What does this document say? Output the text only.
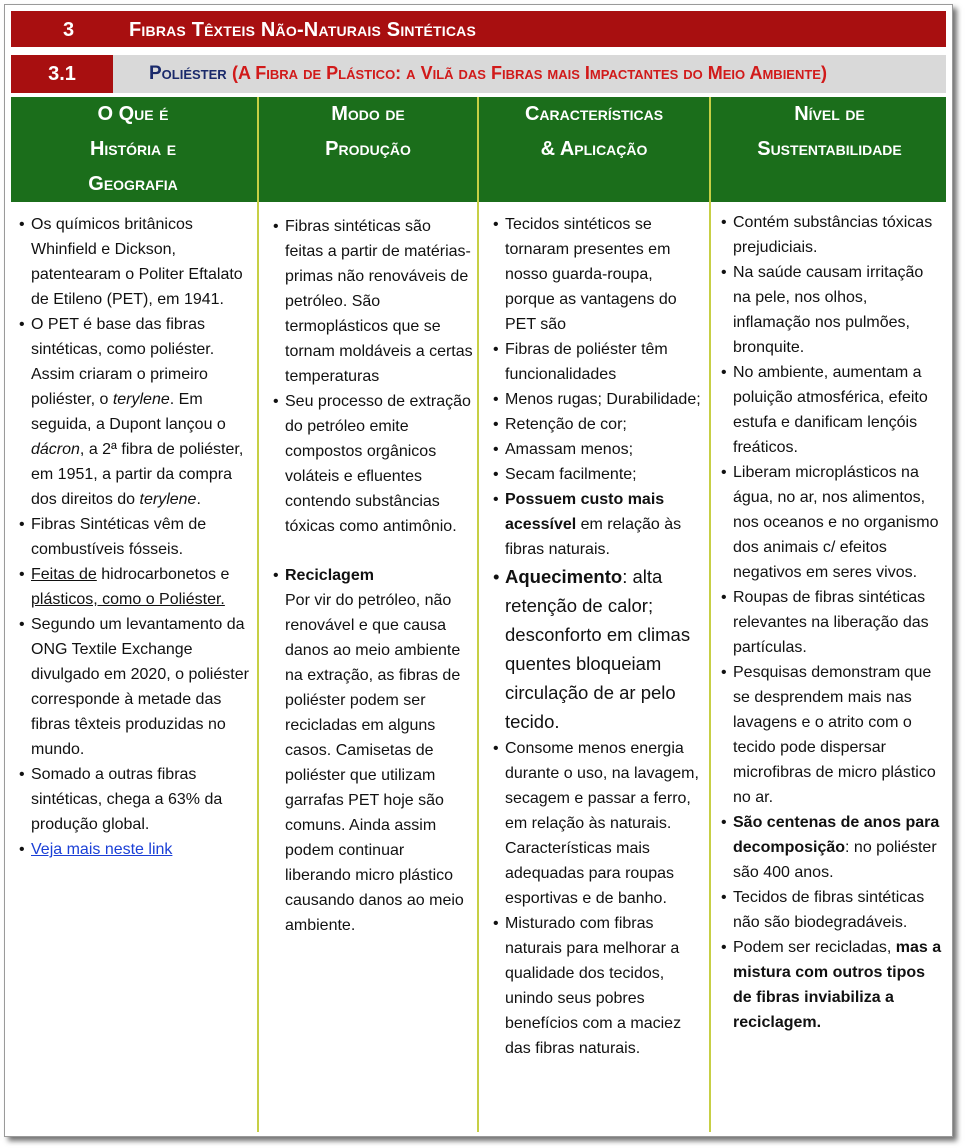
3	Fibras Têxteis Não-Naturais Sintéticas
3.1	Poliéster (A Fibra de Plástico: a Vilã das Fibras mais Impactantes do Meio Ambiente)
O Que é
História e
Geografia
Modo de
Produção
Características
& Aplicação
Nível de
Sustentabilidade
• Os químicos britânicos Whinfield e Dickson, patentearam o Politer Eftalato de Etileno (PET), em 1941.
• O PET é base das fibras sintéticas, como poliéster. Assim criaram o primeiro poliéster, o terylene. Em seguida, a Dupont lançou o dácron, a 2ª fibra de poliéster, em 1951, a partir da compra dos direitos do terylene.
• Fibras Sintéticas vêm de combustíveis fósseis.
• Feitas de hidrocarbonetos e plásticos, como o Poliéster.
• Segundo um levantamento da ONG Textile Exchange divulgado em 2020, o poliéster corresponde à metade das fibras têxteis produzidas no mundo.
• Somado a outras fibras sintéticas, chega a 63% da produção global.
• Veja mais neste link
• Fibras sintéticas são feitas a partir de matérias-primas não renováveis de petróleo. São termoplásticos que se tornam moldáveis a certas temperaturas
• Seu processo de extração do petróleo emite compostos orgânicos voláteis e efluentes contendo substâncias tóxicas como antimônio.
• Reciclagem
Por vir do petróleo, não renovável e que causa danos ao meio ambiente na extração, as fibras de poliéster podem ser recicladas em alguns casos. Camisetas de poliéster que utilizam garrafas PET hoje são comuns. Ainda assim podem continuar liberando micro plástico causando danos ao meio ambiente.
• Tecidos sintéticos se tornaram presentes em nosso guarda-roupa, porque as vantagens do PET são
• Fibras de poliéster têm funcionalidades
• Menos rugas; Durabilidade;
• Retenção de cor;
• Amassam menos;
• Secam facilmente;
• Possuem custo mais acessível em relação às fibras naturais.
• Aquecimento: alta retenção de calor; desconforto em climas quentes bloqueiam circulação de ar pelo tecido.
• Consome menos energia durante o uso, na lavagem, secagem e passar a ferro, em relação às naturais. Características mais adequadas para roupas esportivas e de banho.
• Misturado com fibras naturais para melhorar a qualidade dos tecidos, unindo seus pobres benefícios com a maciez das fibras naturais.
• Contém substâncias tóxicas prejudiciais.
• Na saúde causam irritação na pele, nos olhos, inflamação nos pulmões, bronquite.
• No ambiente, aumentam a poluição atmosférica, efeito estufa e danificam lençóis freáticos.
• Liberam microplásticos na água, no ar, nos alimentos, nos oceanos e no organismo dos animais c/ efeitos negativos em seres vivos.
• Roupas de fibras sintéticas relevantes na liberação das partículas.
• Pesquisas demonstram que se desprendem mais nas lavagens e o atrito com o tecido pode dispersar microfibras de micro plástico no ar.
• São centenas de anos para decomposição: no poliéster são 400 anos.
• Tecidos de fibras sintéticas não são biodegradáveis.
• Podem ser recicladas, mas a mistura com outros tipos de fibras inviabiliza a reciclagem.
